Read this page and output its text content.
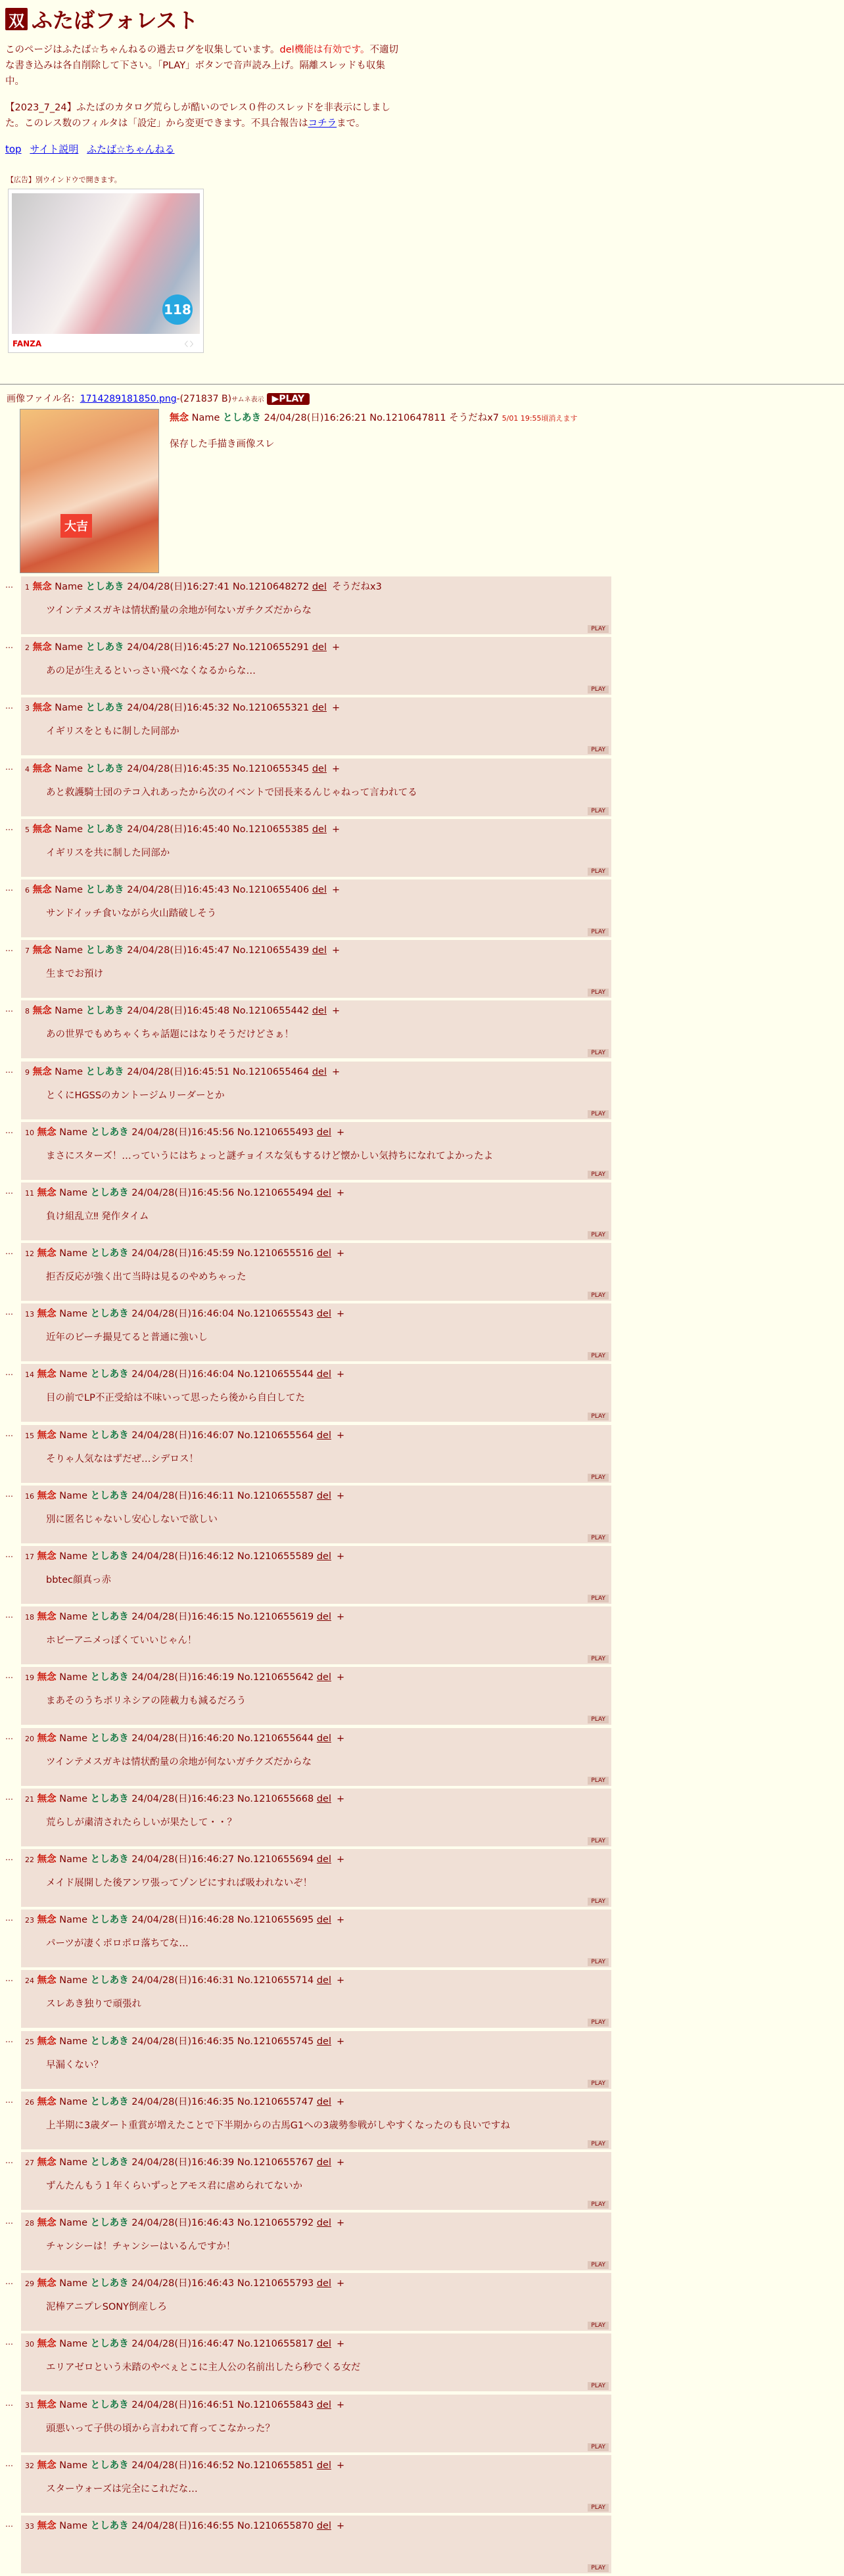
双 ふたばフォレスト

このページはふたば☆ちゃんねるの過去ログを収集しています。del機能は有効です。不適切な書き込みは各自削除して下さい。「PLAY」ボタンで音声読み上げ。隔離スレッドも収集中。

【2023_7_24】ふたばのカタログ荒らしが酷いのでレス０件のスレッドを非表示にしました。このレス数のフィルタは「設定」から変更できます。不具合報告はコチラまで。

top サイト説明 ふたば☆ちゃんねる
【広告】別ウインドウで開きます。
118
FANZA	〈 〉
画像ファイル名：1714289181850.png-(271837 B)サムネ表示 ▶PLAY
大吉
無念 Name としあき 24/04/28(日)16:26:21 No.1210647811 そうだねx7 5/01 19:55頃消えます
保存した手描き画像スレ
… 1 無念 Name としあき 24/04/28(日)16:27:41 No.1210648272 del そうだねx3
ツインテメスガキは情状酌量の余地が何ないガチクズだからな
PLAY
… 2 無念 Name としあき 24/04/28(日)16:45:27 No.1210655291 del +
あの足が生えるといっさい飛べなくなるからな…
PLAY
… 3 無念 Name としあき 24/04/28(日)16:45:32 No.1210655321 del +
イギリスをともに制した同部か
PLAY
… 4 無念 Name としあき 24/04/28(日)16:45:35 No.1210655345 del +
あと救護騎士団のテコ入れあったから次のイベントで団長来るんじゃねって言われてる
PLAY
… 5 無念 Name としあき 24/04/28(日)16:45:40 No.1210655385 del +
イギリスを共に制した同部か
PLAY
… 6 無念 Name としあき 24/04/28(日)16:45:43 No.1210655406 del +
サンドイッチ食いながら火山踏破しそう
PLAY
… 7 無念 Name としあき 24/04/28(日)16:45:47 No.1210655439 del +
生までお預け
PLAY
… 8 無念 Name としあき 24/04/28(日)16:45:48 No.1210655442 del +
あの世界でもめちゃくちゃ話題にはなりそうだけどさぁ！
PLAY
… 9 無念 Name としあき 24/04/28(日)16:45:51 No.1210655464 del +
とくにHGSSのカントージムリーダーとか
PLAY
… 10 無念 Name としあき 24/04/28(日)16:45:56 No.1210655493 del +
まさにスターズ！…っていうにはちょっと謎チョイスな気もするけど懐かしい気持ちになれてよかったよ
PLAY
… 11 無念 Name としあき 24/04/28(日)16:45:56 No.1210655494 del +
負け組乱立‼︎ 発作タイム
PLAY
… 12 無念 Name としあき 24/04/28(日)16:45:59 No.1210655516 del +
拒否反応が強く出て当時は見るのやめちゃった
PLAY
… 13 無念 Name としあき 24/04/28(日)16:46:04 No.1210655543 del +
近年のビーチ撮見てると普通に強いし
PLAY
… 14 無念 Name としあき 24/04/28(日)16:46:04 No.1210655544 del +
目の前でLP不正受給は不味いって思ったら後から自白してた
PLAY
… 15 無念 Name としあき 24/04/28(日)16:46:07 No.1210655564 del +
そりゃ人気なはずだぜ…シデロス！
PLAY
… 16 無念 Name としあき 24/04/28(日)16:46:11 No.1210655587 del +
別に匿名じゃないし安心しないで欲しい
PLAY
… 17 無念 Name としあき 24/04/28(日)16:46:12 No.1210655589 del +
bbtec顔真っ赤
PLAY
… 18 無念 Name としあき 24/04/28(日)16:46:15 No.1210655619 del +
ホビーアニメっぽくていいじゃん！
PLAY
… 19 無念 Name としあき 24/04/28(日)16:46:19 No.1210655642 del +
まあそのうちポリネシアの陸載力も減るだろう
PLAY
… 20 無念 Name としあき 24/04/28(日)16:46:20 No.1210655644 del +
ツインテメスガキは情状酌量の余地が何ないガチクズだからな
PLAY
… 21 無念 Name としあき 24/04/28(日)16:46:23 No.1210655668 del +
荒らしが粛清されたらしいが果たして・・？
PLAY
… 22 無念 Name としあき 24/04/28(日)16:46:27 No.1210655694 del +
メイド展開した後アンワ張ってゾンビにすれば吸われないぞ！
PLAY
… 23 無念 Name としあき 24/04/28(日)16:46:28 No.1210655695 del +
パーツが凄くポロポロ落ちてな…
PLAY
… 24 無念 Name としあき 24/04/28(日)16:46:31 No.1210655714 del +
スレあき独りで頑張れ
PLAY
… 25 無念 Name としあき 24/04/28(日)16:46:35 No.1210655745 del +
早漏くない？
PLAY
… 26 無念 Name としあき 24/04/28(日)16:46:35 No.1210655747 del +
上半期に3歳ダート重賞が増えたことで下半期からの古馬G1への3歳勢参戦がしやすくなったのも良いですね
PLAY
… 27 無念 Name としあき 24/04/28(日)16:46:39 No.1210655767 del +
ずんたんもう１年くらいずっとアモス君に虐められてないか
PLAY
… 28 無念 Name としあき 24/04/28(日)16:46:43 No.1210655792 del +
チャンシーは！チャンシーはいるんですか！
PLAY
… 29 無念 Name としあき 24/04/28(日)16:46:43 No.1210655793 del +
泥棒アニプレSONY倒産しろ
PLAY
… 30 無念 Name としあき 24/04/28(日)16:46:47 No.1210655817 del +
エリアゼロという未踏のやべぇとこに主人公の名前出したら秒でくる女だ
PLAY
… 31 無念 Name としあき 24/04/28(日)16:46:51 No.1210655843 del +
頭悪いって子供の頃から言われて育ってこなかった？
PLAY
… 32 無念 Name としあき 24/04/28(日)16:46:52 No.1210655851 del +
スターウォーズは完全にこれだな…
PLAY
… 33 無念 Name としあき 24/04/28(日)16:46:55 No.1210655870 del +
PLAY
